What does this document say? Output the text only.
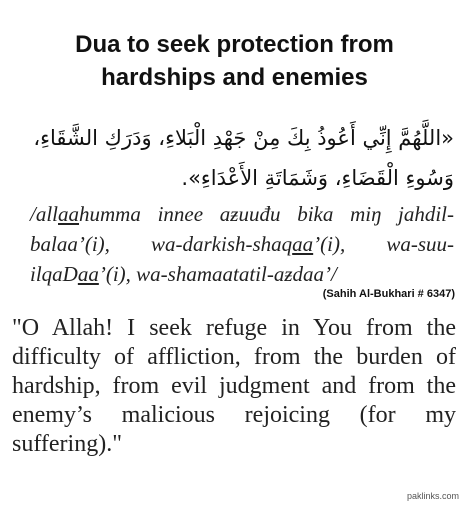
Dua to seek protection from
hardships and enemies
«اللَّهُمَّ إِنِّي أَعُوذُ بِكَ مِنْ جَهْدِ الْبَلاءِ، وَدَرَكِ الشَّقَاءِ،
وَسُوءِ الْقَضَاءِ، وَشَمَاتَةِ الأَعْدَاءِ».
/allaahumma innee aƶuuđu bika miŋ jahdil-balaa’(i), wa-darkish-shaqaa’(i), wa-suu-ilqaDaa’(i), wa-shamaatatil-aƶdaa’/
(Sahih Al-Bukhari # 6347)
"O Allah! I seek refuge in You from the difficulty of affliction, from the burden of hardship, from evil judgment and from the enemy’s malicious rejoicing (for my suffering)."
paklinks.com
